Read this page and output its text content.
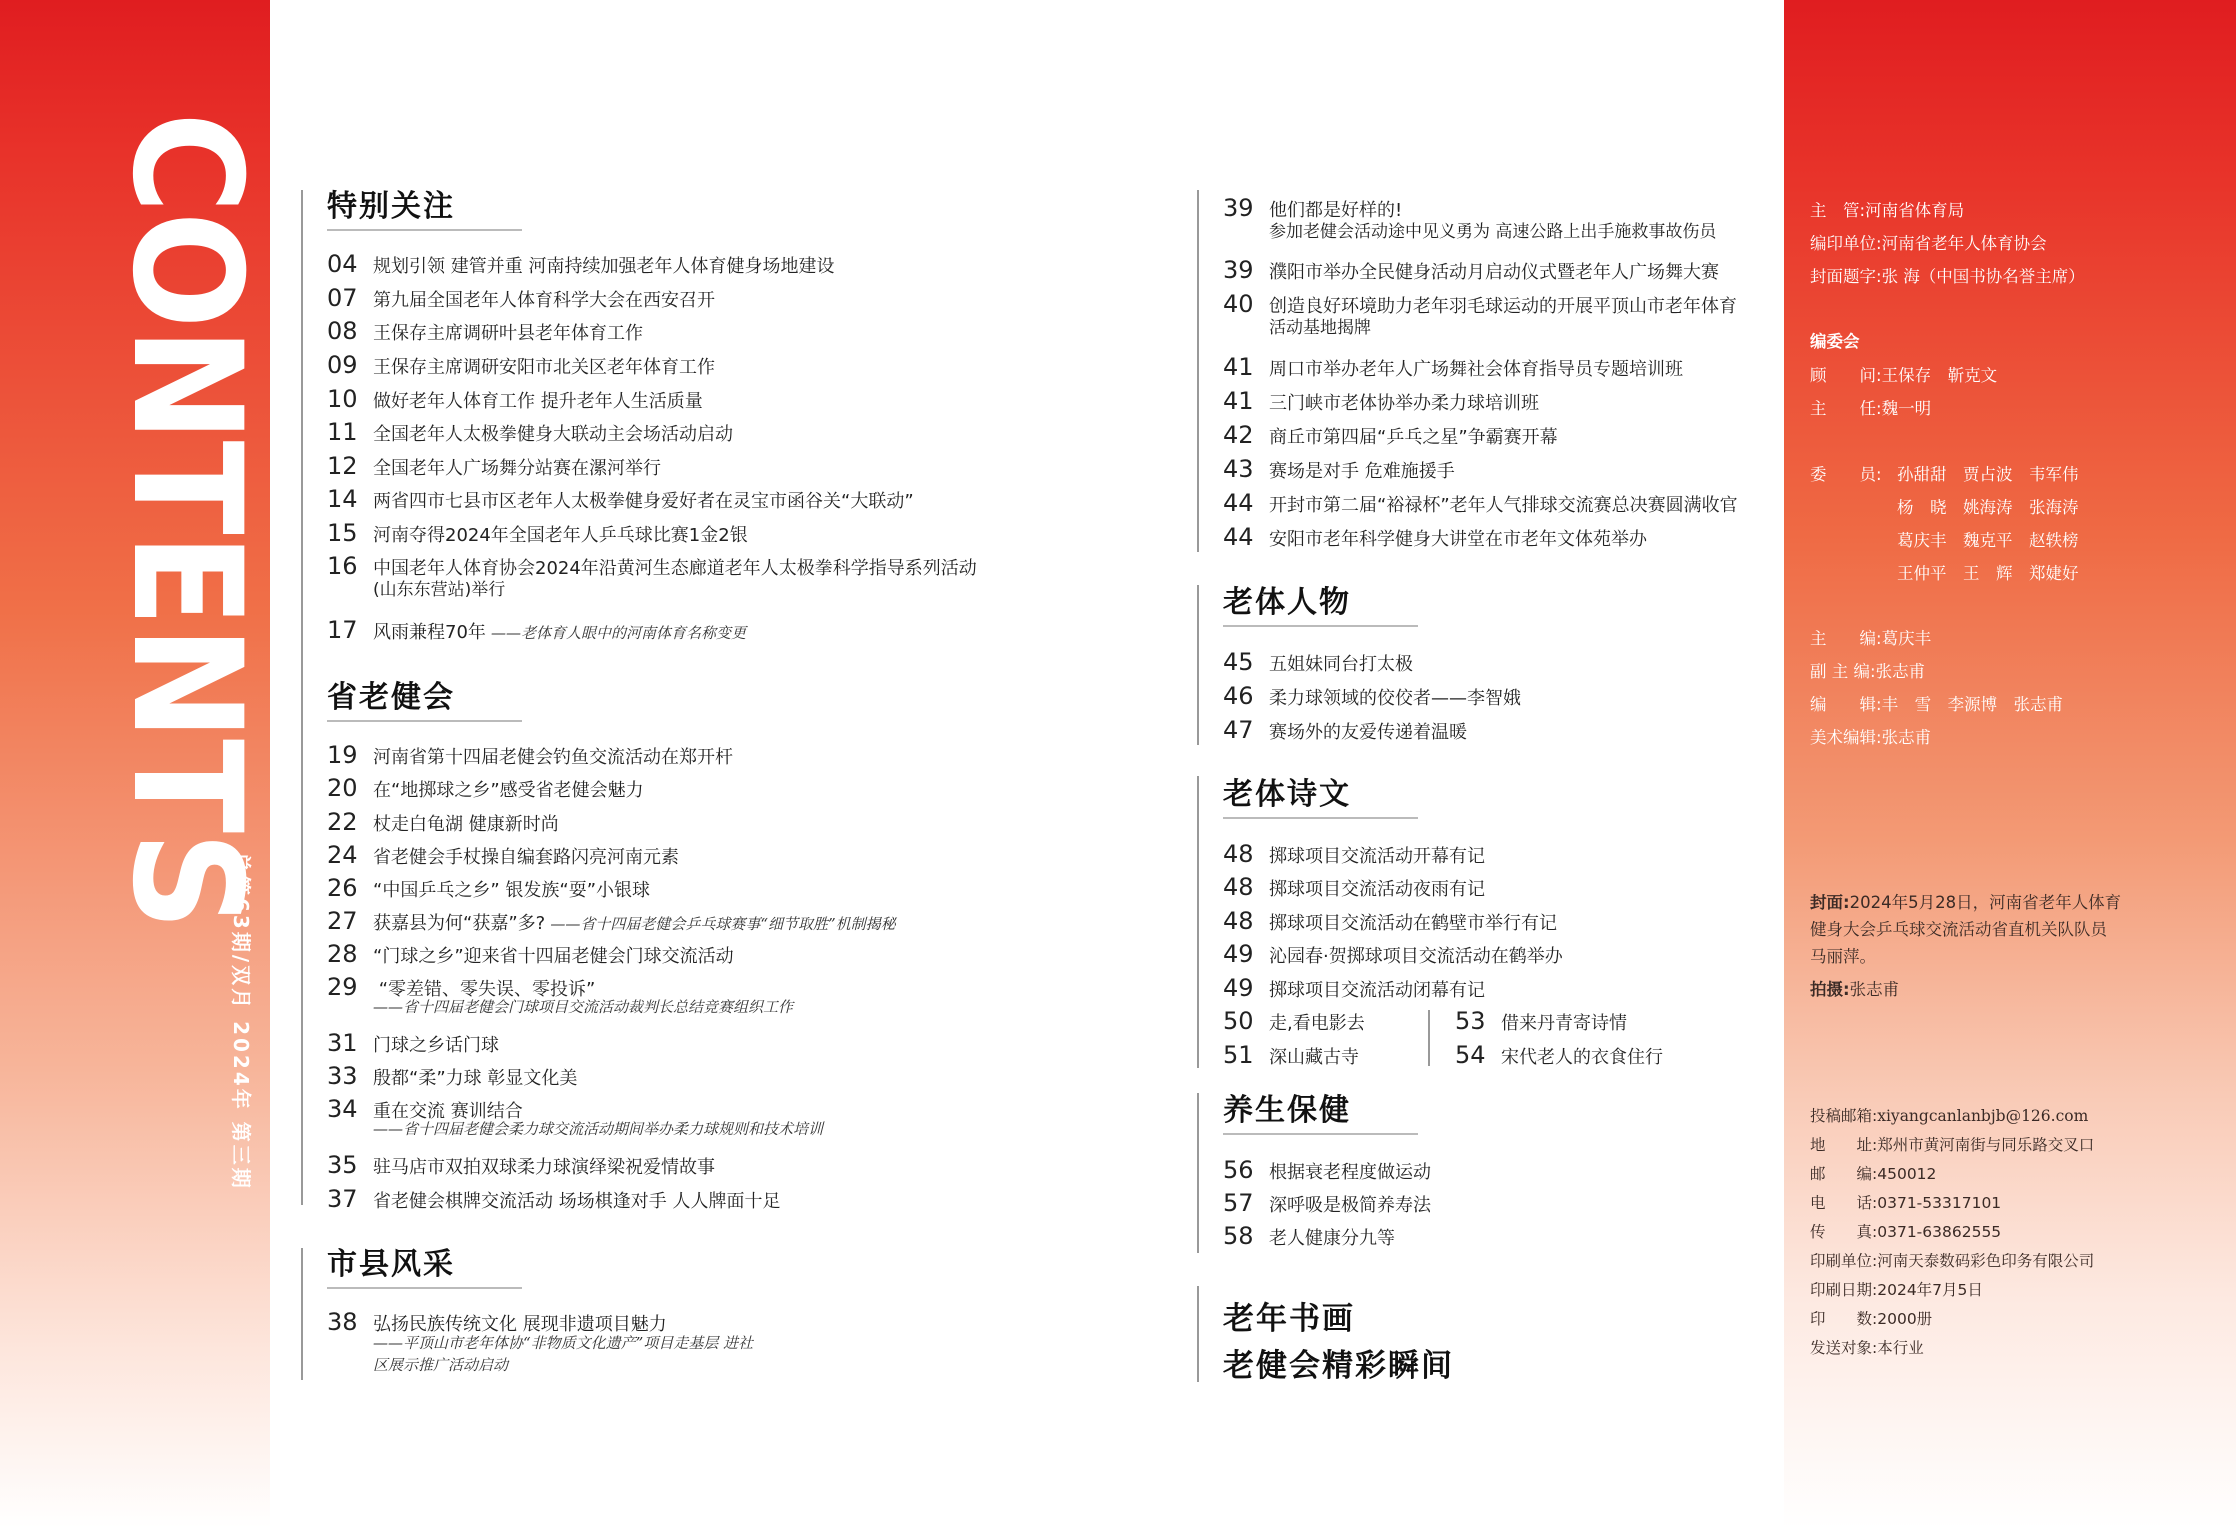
CONTENTS
总第63期/双月 2024年 第三期
特别关注
04 规划引领 建管并重 河南持续加强老年人体育健身场地建设
07 第九届全国老年人体育科学大会在西安召开
08 王保存主席调研叶县老年体育工作
09 王保存主席调研安阳市北关区老年体育工作
10 做好老年人体育工作 提升老年人生活质量
11 全国老年人太极拳健身大联动主会场活动启动
12 全国老年人广场舞分站赛在漯河举行
14 两省四市七县市区老年人太极拳健身爱好者在灵宝市函谷关“大联动”
15 河南夺得2024年全国老年人乒乓球比赛1金2银
16 中国老年人体育协会2024年沿黄河生态廊道老年人太极拳科学指导系列活动
(山东东营站)举行
17 风雨兼程70年 ——老体育人眼中的河南体育名称变更
省老健会
19 河南省第十四届老健会钓鱼交流活动在郑开杆
20 在“地掷球之乡”感受省老健会魅力
22 杖走白龟湖 健康新时尚
24 省老健会手杖操自编套路闪亮河南元素
26 “中国乒乓之乡” 银发族“耍”小银球
27 获嘉县为何“获嘉”多? ——省十四届老健会乒乓球赛事“细节取胜”机制揭秘
28 “门球之乡”迎来省十四届老健会门球交流活动
29 “零差错、零失误、零投诉”
——省十四届老健会门球项目交流活动裁判长总结竞赛组织工作
31 门球之乡话门球
33 殷都“柔”力球 彰显文化美
34 重在交流 赛训结合
——省十四届老健会柔力球交流活动期间举办柔力球规则和技术培训
35 驻马店市双拍双球柔力球演绎梁祝爱情故事
37 省老健会棋牌交流活动 场场棋逢对手 人人牌面十足
市县风采
38 弘扬民族传统文化 展现非遗项目魅力
——平顶山市老年体协“非物质文化遗产”项目走基层 进社
区展示推广活动启动
39 他们都是好样的!
参加老健会活动途中见义勇为 高速公路上出手施救事故伤员
39 濮阳市举办全民健身活动月启动仪式暨老年人广场舞大赛
40 创造良好环境助力老年羽毛球运动的开展平顶山市老年体育
活动基地揭牌
41 周口市举办老年人广场舞社会体育指导员专题培训班
41 三门峡市老体协举办柔力球培训班
42 商丘市第四届“乒乓之星”争霸赛开幕
43 赛场是对手 危难施援手
44 开封市第二届“裕禄杯”老年人气排球交流赛总决赛圆满收官
44 安阳市老年科学健身大讲堂在市老年文体苑举办
老体人物
45 五姐妹同台打太极
46 柔力球领域的佼佼者——李智娥
47 赛场外的友爱传递着温暖
老体诗文
48 掷球项目交流活动开幕有记
48 掷球项目交流活动夜雨有记
48 掷球项目交流活动在鹤壁市举行有记
49 沁园春·贺掷球项目交流活动在鹤举办
49 掷球项目交流活动闭幕有记
50 走,看电影去
51 深山藏古寺
53 借来丹青寄诗情
54 宋代老人的衣食住行
养生保健
56 根据衰老程度做运动
57 深呼吸是极简养寿法
58 老人健康分九等
老年书画
老健会精彩瞬间
主　管:河南省体育局
编印单位:河南省老年人体育协会
封面题字:张 海（中国书协名誉主席）
编委会
顾　　问:王保存　靳克文
主　　任:魏一明
委　　员: 孙甜甜　 贾占波　 韦军伟
杨　晓　 姚海涛　 张海涛
葛庆丰　 魏克平　 赵轶榜
王仲平　 王　辉　 郑婕好
主　　编:葛庆丰
副 主 编:张志甫
编　　辑:丰　雪　李源博　张志甫
美术编辑:张志甫
封面:2024年5月28日，河南省老年人体育
健身大会乒乓球交流活动省直机关队队员
马丽萍。
拍摄:张志甫
投稿邮箱:xiyangcanlanbjb@126.com
地　　址:郑州市黄河南街与同乐路交叉口
邮　　编:450012
电　　话:0371-53317101
传　　真:0371-63862555
印刷单位:河南天泰数码彩色印务有限公司
印刷日期:2024年7月5日
印　　数:2000册
发送对象:本行业
